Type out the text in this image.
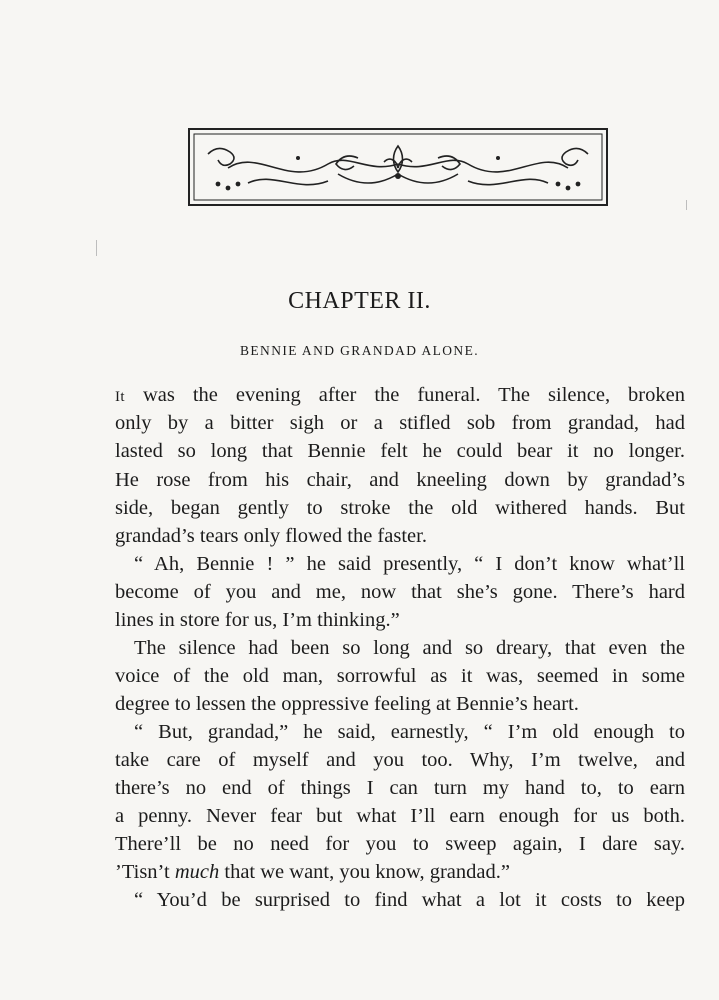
CHAPTER II.
BENNIE AND GRANDAD ALONE.
It was the evening after the funeral. The silence, broken
only by a bitter sigh or a stifled sob from grandad, had
lasted so long that Bennie felt he could bear it no longer.
He rose from his chair, and kneeling down by grandad’s
side, began gently to stroke the old withered hands. But
grandad’s tears only flowed the faster.
“ Ah, Bennie ! ” he said presently, “ I don’t know what’ll
become of you and me, now that she’s gone. There’s hard
lines in store for us, I’m thinking.”
The silence had been so long and so dreary, that even the
voice of the old man, sorrowful as it was, seemed in some
degree to lessen the oppressive feeling at Bennie’s heart.
“ But, grandad,” he said, earnestly, “ I’m old enough to
take care of myself and you too. Why, I’m twelve, and
there’s no end of things I can turn my hand to, to earn
a penny. Never fear but what I’ll earn enough for us both.
There’ll be no need for you to sweep again, I dare say.
’Tisn’t much that we want, you know, grandad.”
“ You’d be surprised to find what a lot it costs to keep
